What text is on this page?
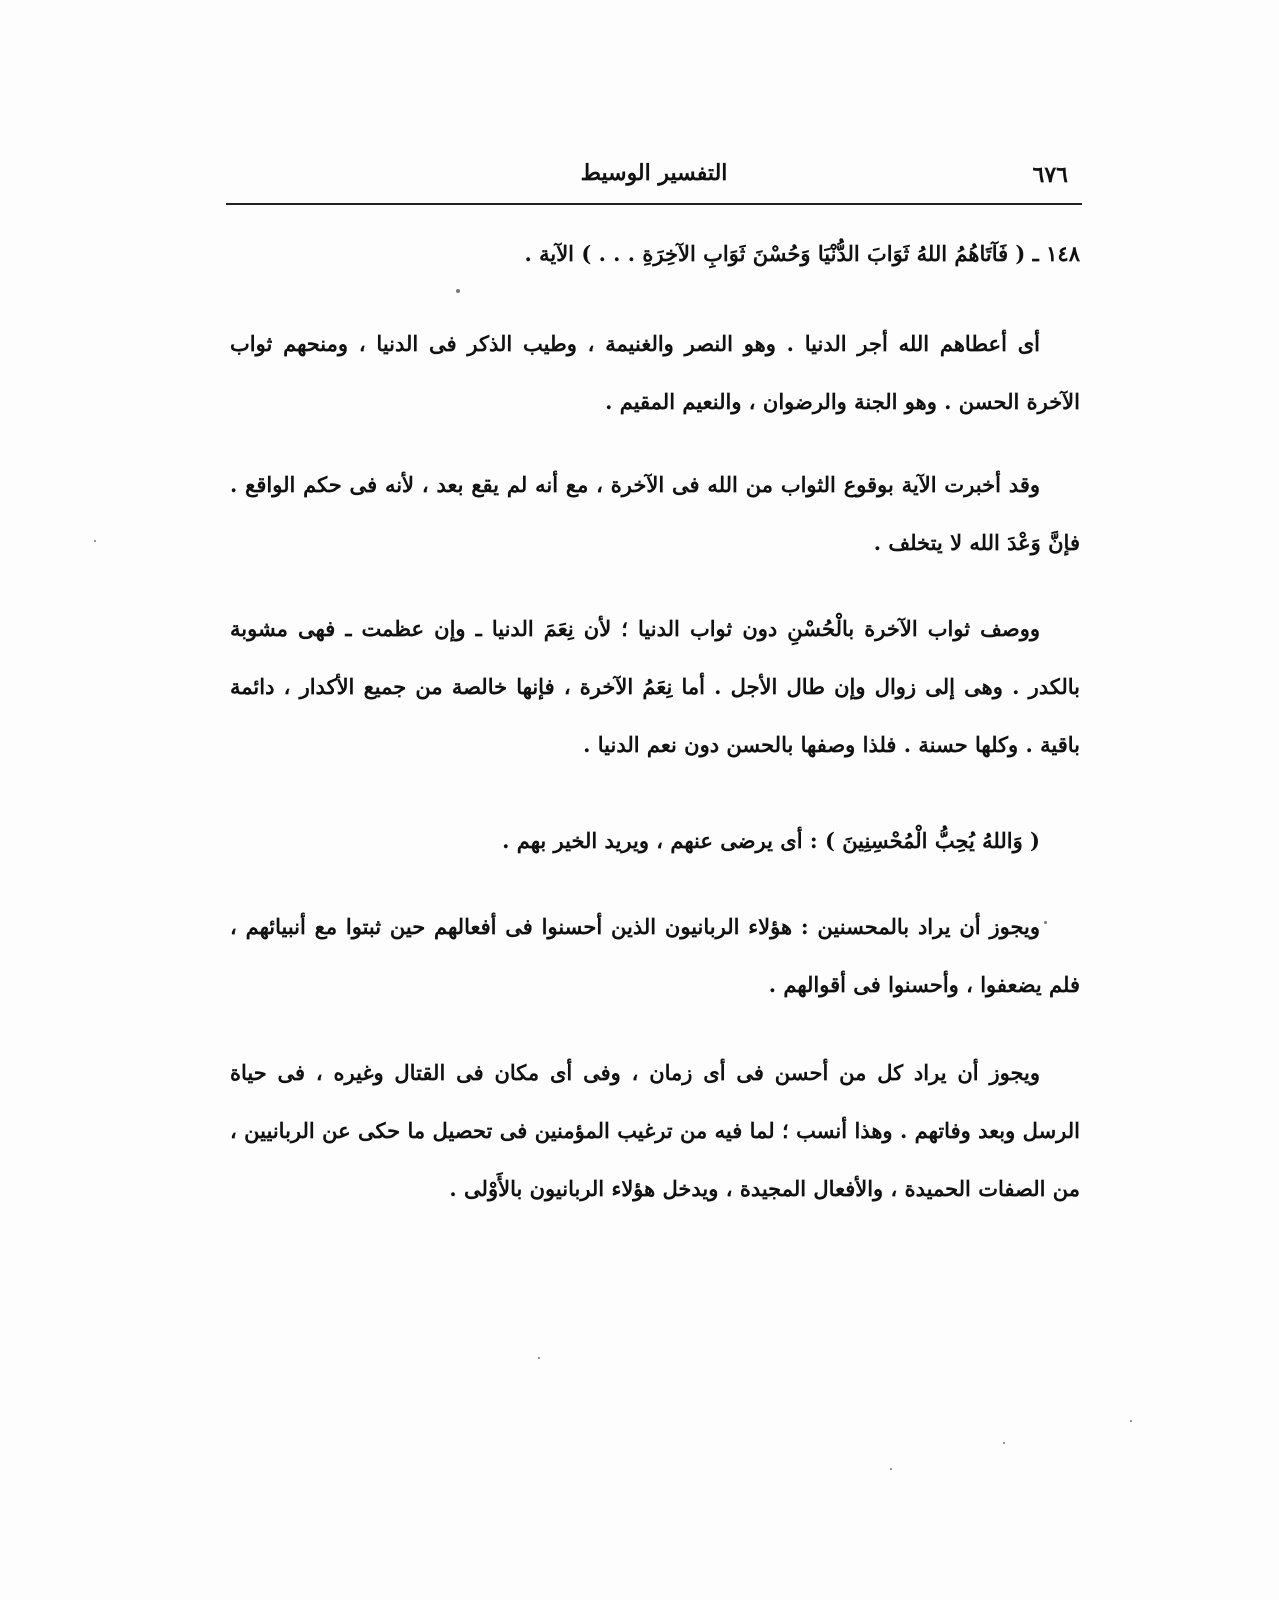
٦٧٦
التفسير الوسيط

١٤٨ ـ ( فَآتَاهُمُ اللهُ ثَوَابَ الدُّنْيَا وَحُسْنَ ثَوَابِ الآخِرَةِ . . . ) الآية .

أى أعطاهم الله أجر الدنيا . وهو النصر والغنيمة ، وطيب الذكر فى الدنيا ، ومنحهم ثواب الآخرة الحسن . وهو الجنة والرضوان ، والنعيم المقيم .

وقد أخبرت الآية بوقوع الثواب من الله فى الآخرة ، مع أنه لم يقع بعد ، لأنه فى حكم الواقع . فإنَّ وَعْدَ الله لا يتخلف .

ووصف ثواب الآخرة بالْحُسْنِ دون ثواب الدنيا ؛ لأن نِعَمَ الدنيا ـ وإن عظمت ـ فهى مشوبة بالكدر . وهى إلى زوال وإن طال الأجل . أما نِعَمُ الآخرة ، فإنها خالصة من جميع الأكدار ، دائمة باقية . وكلها حسنة . فلذا وصفها بالحسن دون نعم الدنيا .

( وَاللهُ يُحِبُّ الْمُحْسِنِينَ ) : أى يرضى عنهم ، ويريد الخير بهم .

ويجوز أن يراد بالمحسنين : هؤلاء الربانيون الذين أحسنوا فى أفعالهم حين ثبتوا مع أنبيائهم ، فلم يضعفوا ، وأحسنوا فى أقوالهم .

ويجوز أن يراد كل من أحسن فى أى زمان ، وفى أى مكان فى القتال وغيره ، فى حياة الرسل وبعد وفاتهم . وهذا أنسب ؛ لما فيه من ترغيب المؤمنين فى تحصيل ما حكى عن الربانيين ، من الصفات الحميدة ، والأفعال المجيدة ، ويدخل هؤلاء الربانيون بالأَوْلى .
